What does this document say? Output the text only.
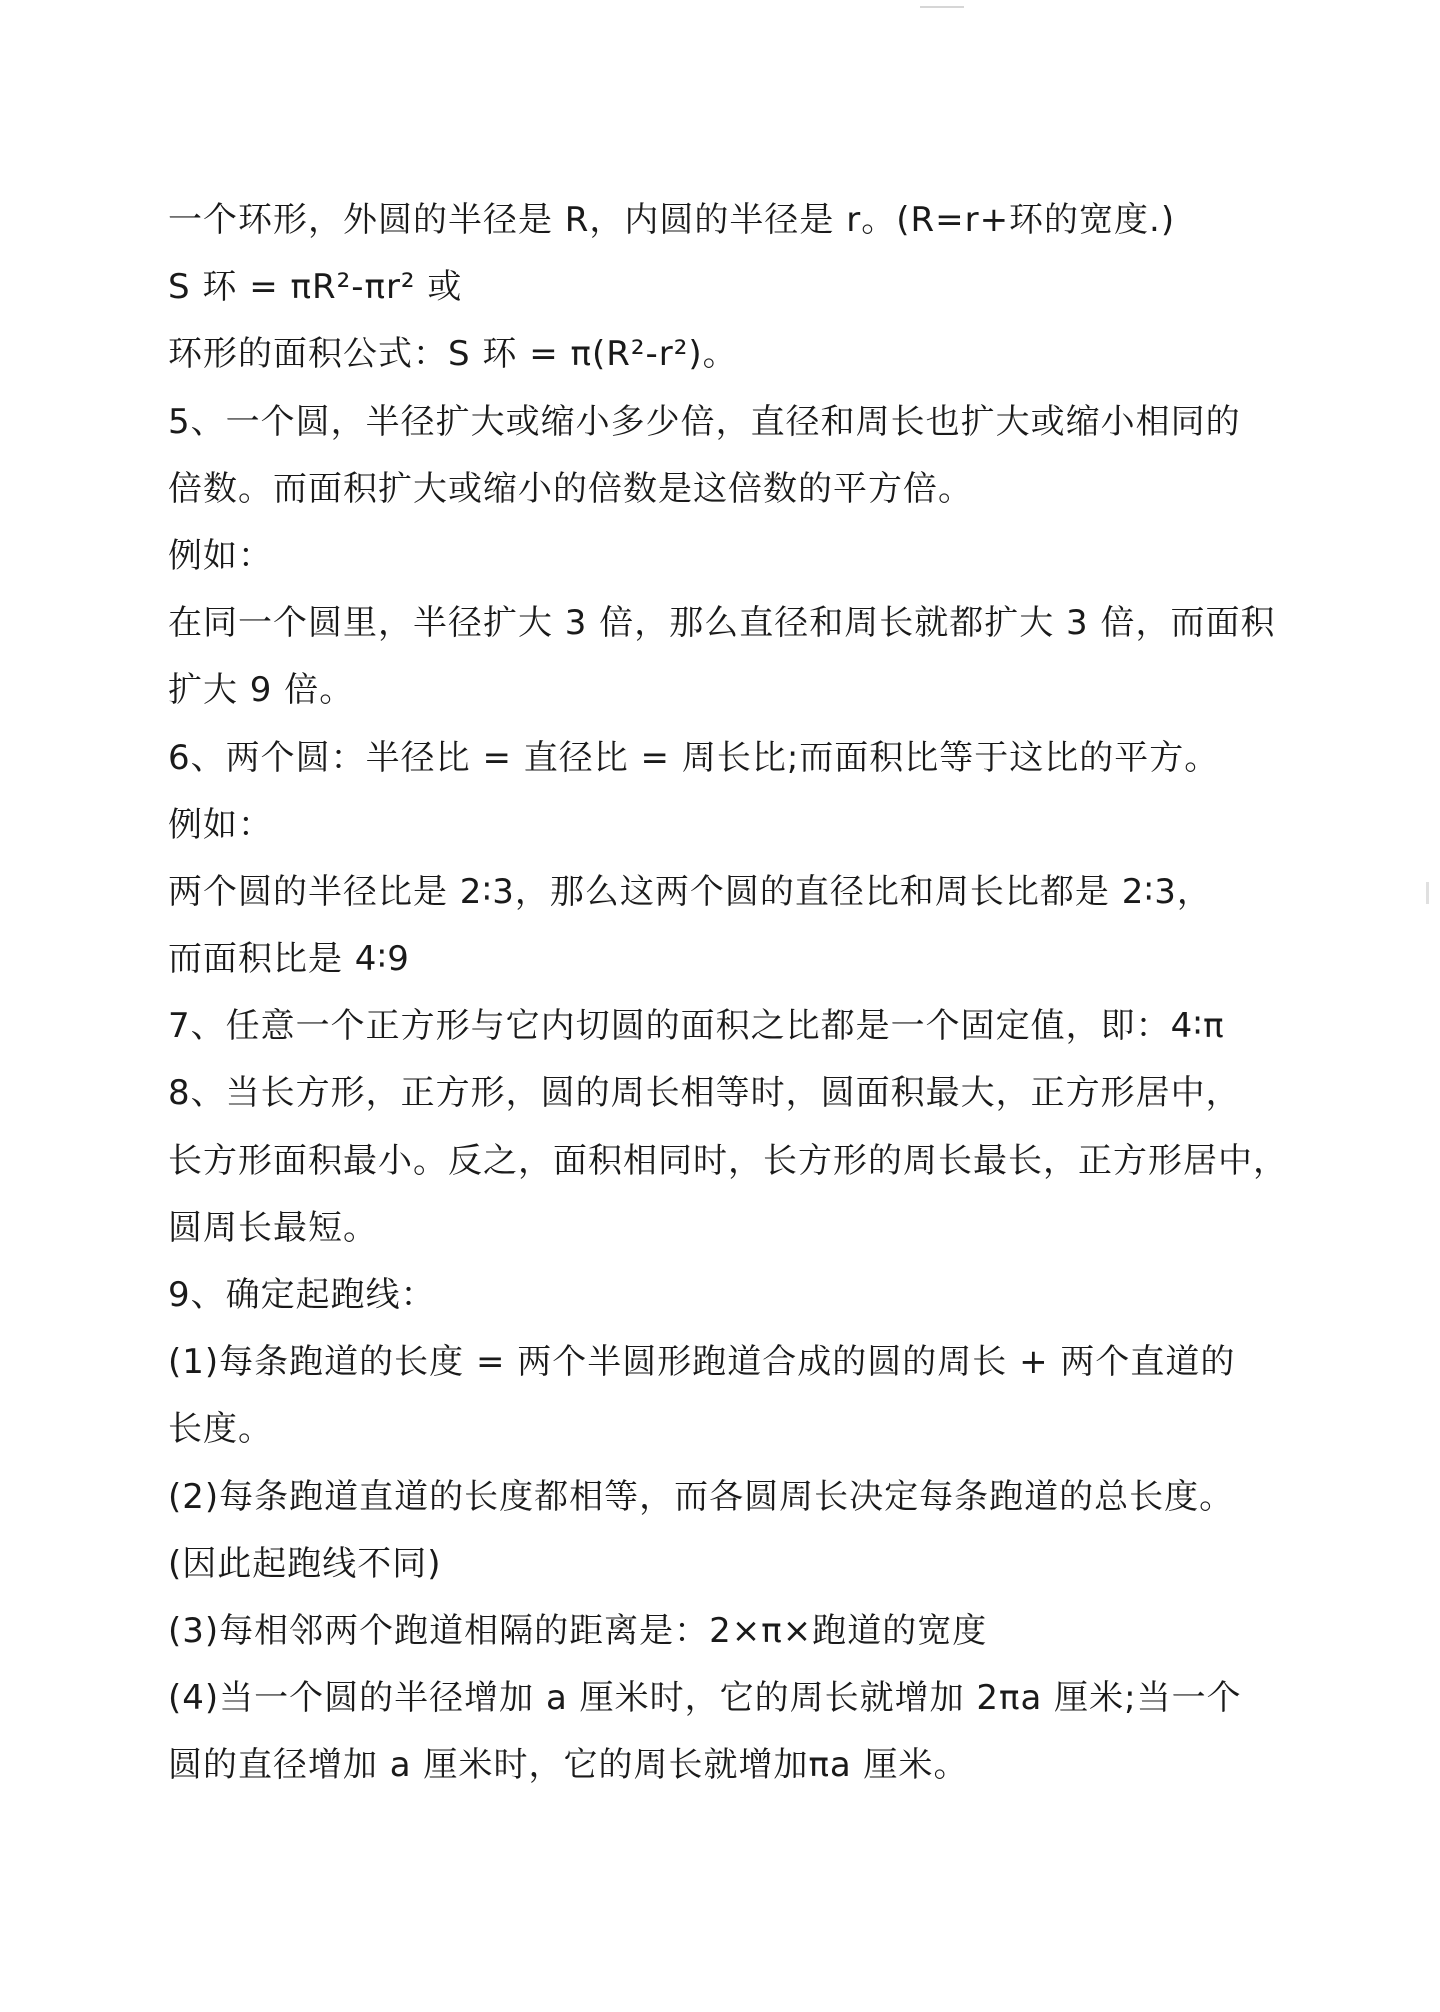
一个环形，外圆的半径是 R，内圆的半径是 r。(R=r+环的宽度.)
S 环 = πR²-πr² 或
环形的面积公式：S 环 = π(R²-r²)。
5、一个圆，半径扩大或缩小多少倍，直径和周长也扩大或缩小相同的
倍数。而面积扩大或缩小的倍数是这倍数的平方倍。
例如：
在同一个圆里，半径扩大 3 倍，那么直径和周长就都扩大 3 倍，而面积
扩大 9 倍。
6、两个圆：半径比 = 直径比 = 周长比;而面积比等于这比的平方。
例如：
两个圆的半径比是 2∶3，那么这两个圆的直径比和周长比都是 2∶3，
而面积比是 4∶9
7、任意一个正方形与它内切圆的面积之比都是一个固定值，即：4∶π
8、当长方形，正方形，圆的周长相等时，圆面积最大，正方形居中，
长方形面积最小。反之，面积相同时，长方形的周长最长，正方形居中，
圆周长最短。
9、确定起跑线：
(1)每条跑道的长度 = 两个半圆形跑道合成的圆的周长 + 两个直道的
长度。
(2)每条跑道直道的长度都相等，而各圆周长决定每条跑道的总长度。
(因此起跑线不同)
(3)每相邻两个跑道相隔的距离是：2×π×跑道的宽度
(4)当一个圆的半径增加 a 厘米时，它的周长就增加 2πa 厘米;当一个
圆的直径增加 a 厘米时，它的周长就增加πa 厘米。
